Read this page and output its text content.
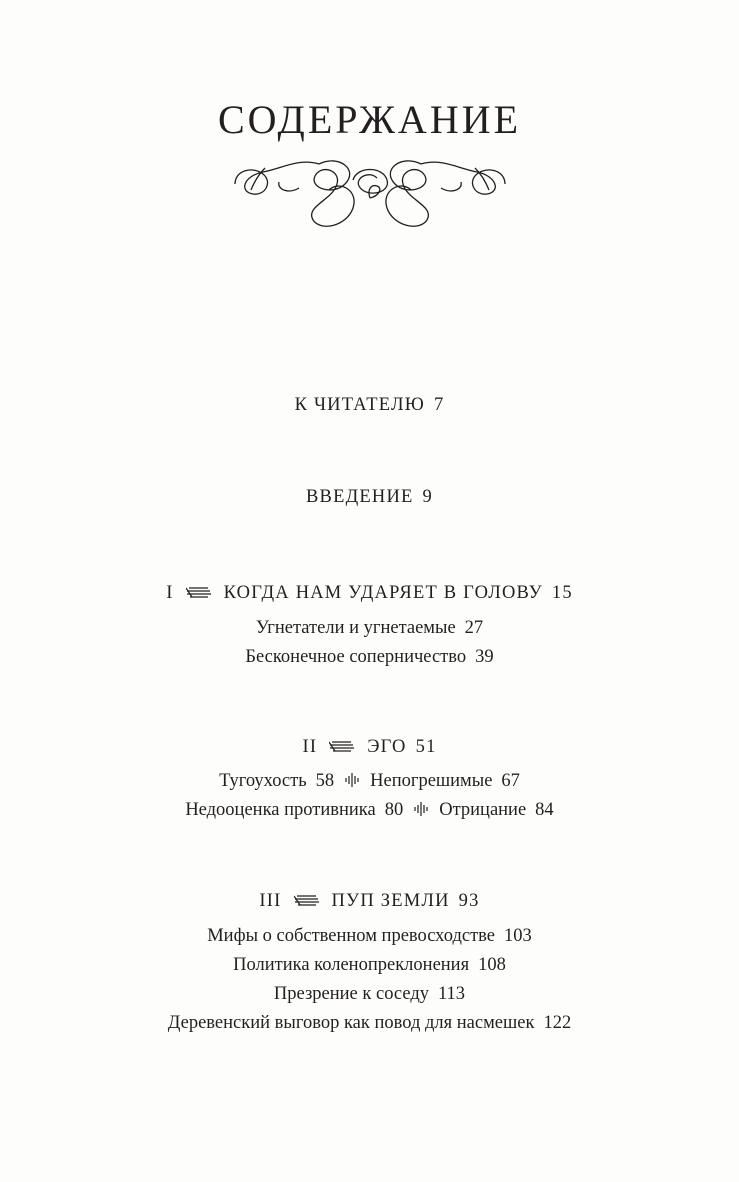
СОДЕРЖАНИЕ
К ЧИТАТЕЛЮ 7
ВВЕДЕНИЕ 9
I	КОГДА НАМ УДАРЯЕТ В ГОЛОВУ 15
Угнетатели и угнетаемые 27
Бесконечное соперничество 39
II	ЭГО 51
Тугоухость 58 Непогрешимые 67
Недооценка противника 80 Отрицание 84
III	ПУП ЗЕМЛИ 93
Мифы о собственном превосходстве 103
Политика коленопреклонения 108
Презрение к соседу 113
Деревенский выговор как повод для насмешек 122
